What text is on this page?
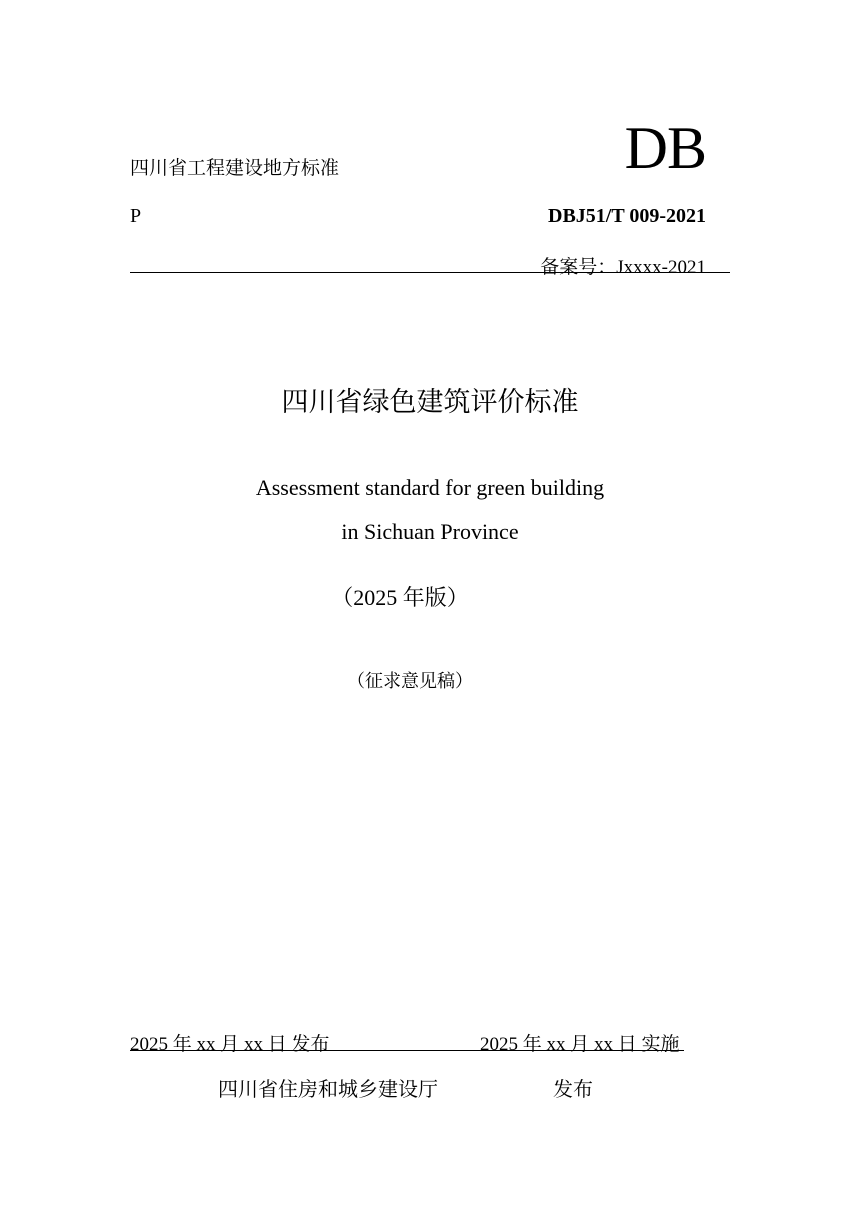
四川省工程建设地方标准	DB
P	DBJ51/T 009-2021
备案号：Jxxxx-2021
四川省绿色建筑评价标准
Assessment standard for green building
in Sichuan Province
（2025 年版）
（征求意见稿）
2025 年 xx 月 xx 日 发布	2025 年 xx 月 xx 日 实施
四川省住房和城乡建设厅	发布
